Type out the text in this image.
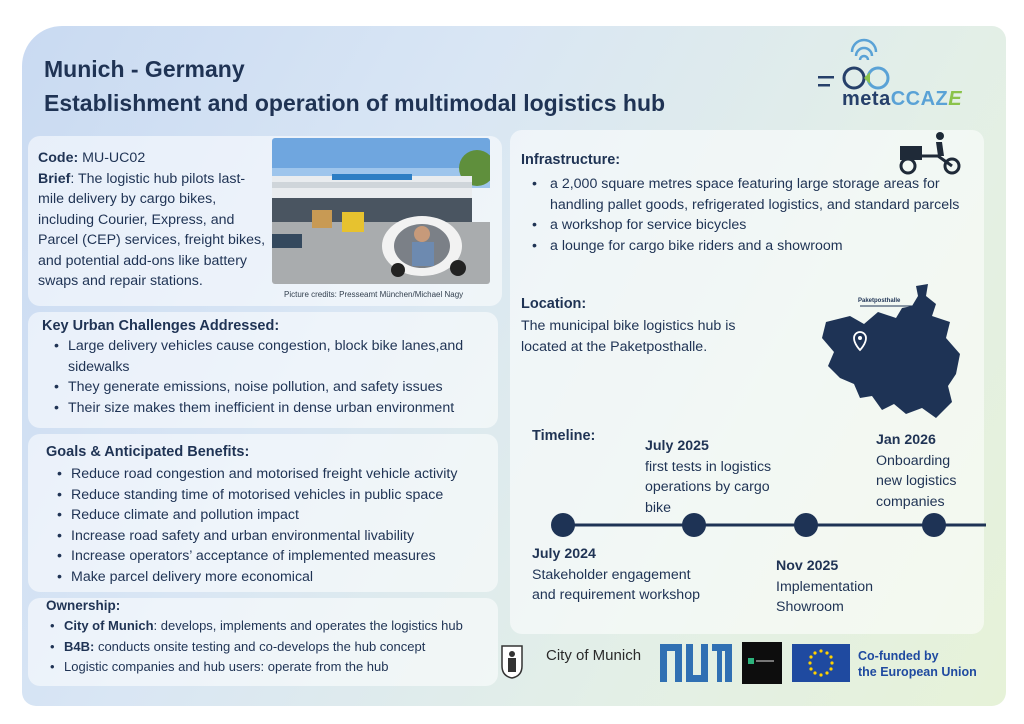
Munich - Germany
Establishment and operation of multimodal logistics hub	metaCCAZE
Code: MU-UC02
Brief: The logistic hub pilots last-mile delivery by cargo bikes, including Courier, Express, and Parcel (CEP) services, freight bikes, and potential add-ons like battery swaps and repair stations.
Picture credits: Presseamt München/Michael Nagy
Key Urban Challenges Addressed:
• Large delivery vehicles cause congestion, block bike lanes,and sidewalks
• They generate emissions, noise pollution, and safety issues
• Their size makes them inefficient in dense urban environment
Goals & Anticipated Benefits:
• Reduce road congestion and motorised freight vehicle activity
• Reduce standing time of motorised vehicles in public space
• Reduce climate and pollution impact
• Increase road safety and urban environmental livability
• Increase operators’ acceptance of implemented measures
• Make parcel delivery more economical
Ownership:
• City of Munich: develops, implements and operates the logistics hub
• B4B: conducts onsite testing and co-develops the hub concept
• Logistic companies and hub users: operate from the hub
Infrastructure:
• a 2,000 square metres space featuring large storage areas for handling pallet goods, refrigerated logistics, and standard parcels
• a workshop for service bicycles
• a lounge for cargo bike riders and a showroom
Location:
The municipal bike logistics hub is located at the Paketposthalle.
Paketposthalle
Timeline:
July 2024
Stakeholder engagement and requirement workshop
July 2025
first tests in logistics operations by cargo bike
Nov 2025
Implementation Showroom
Jan 2026
Onboarding new logistics companies
City of Munich	Co-funded by
the European Union
